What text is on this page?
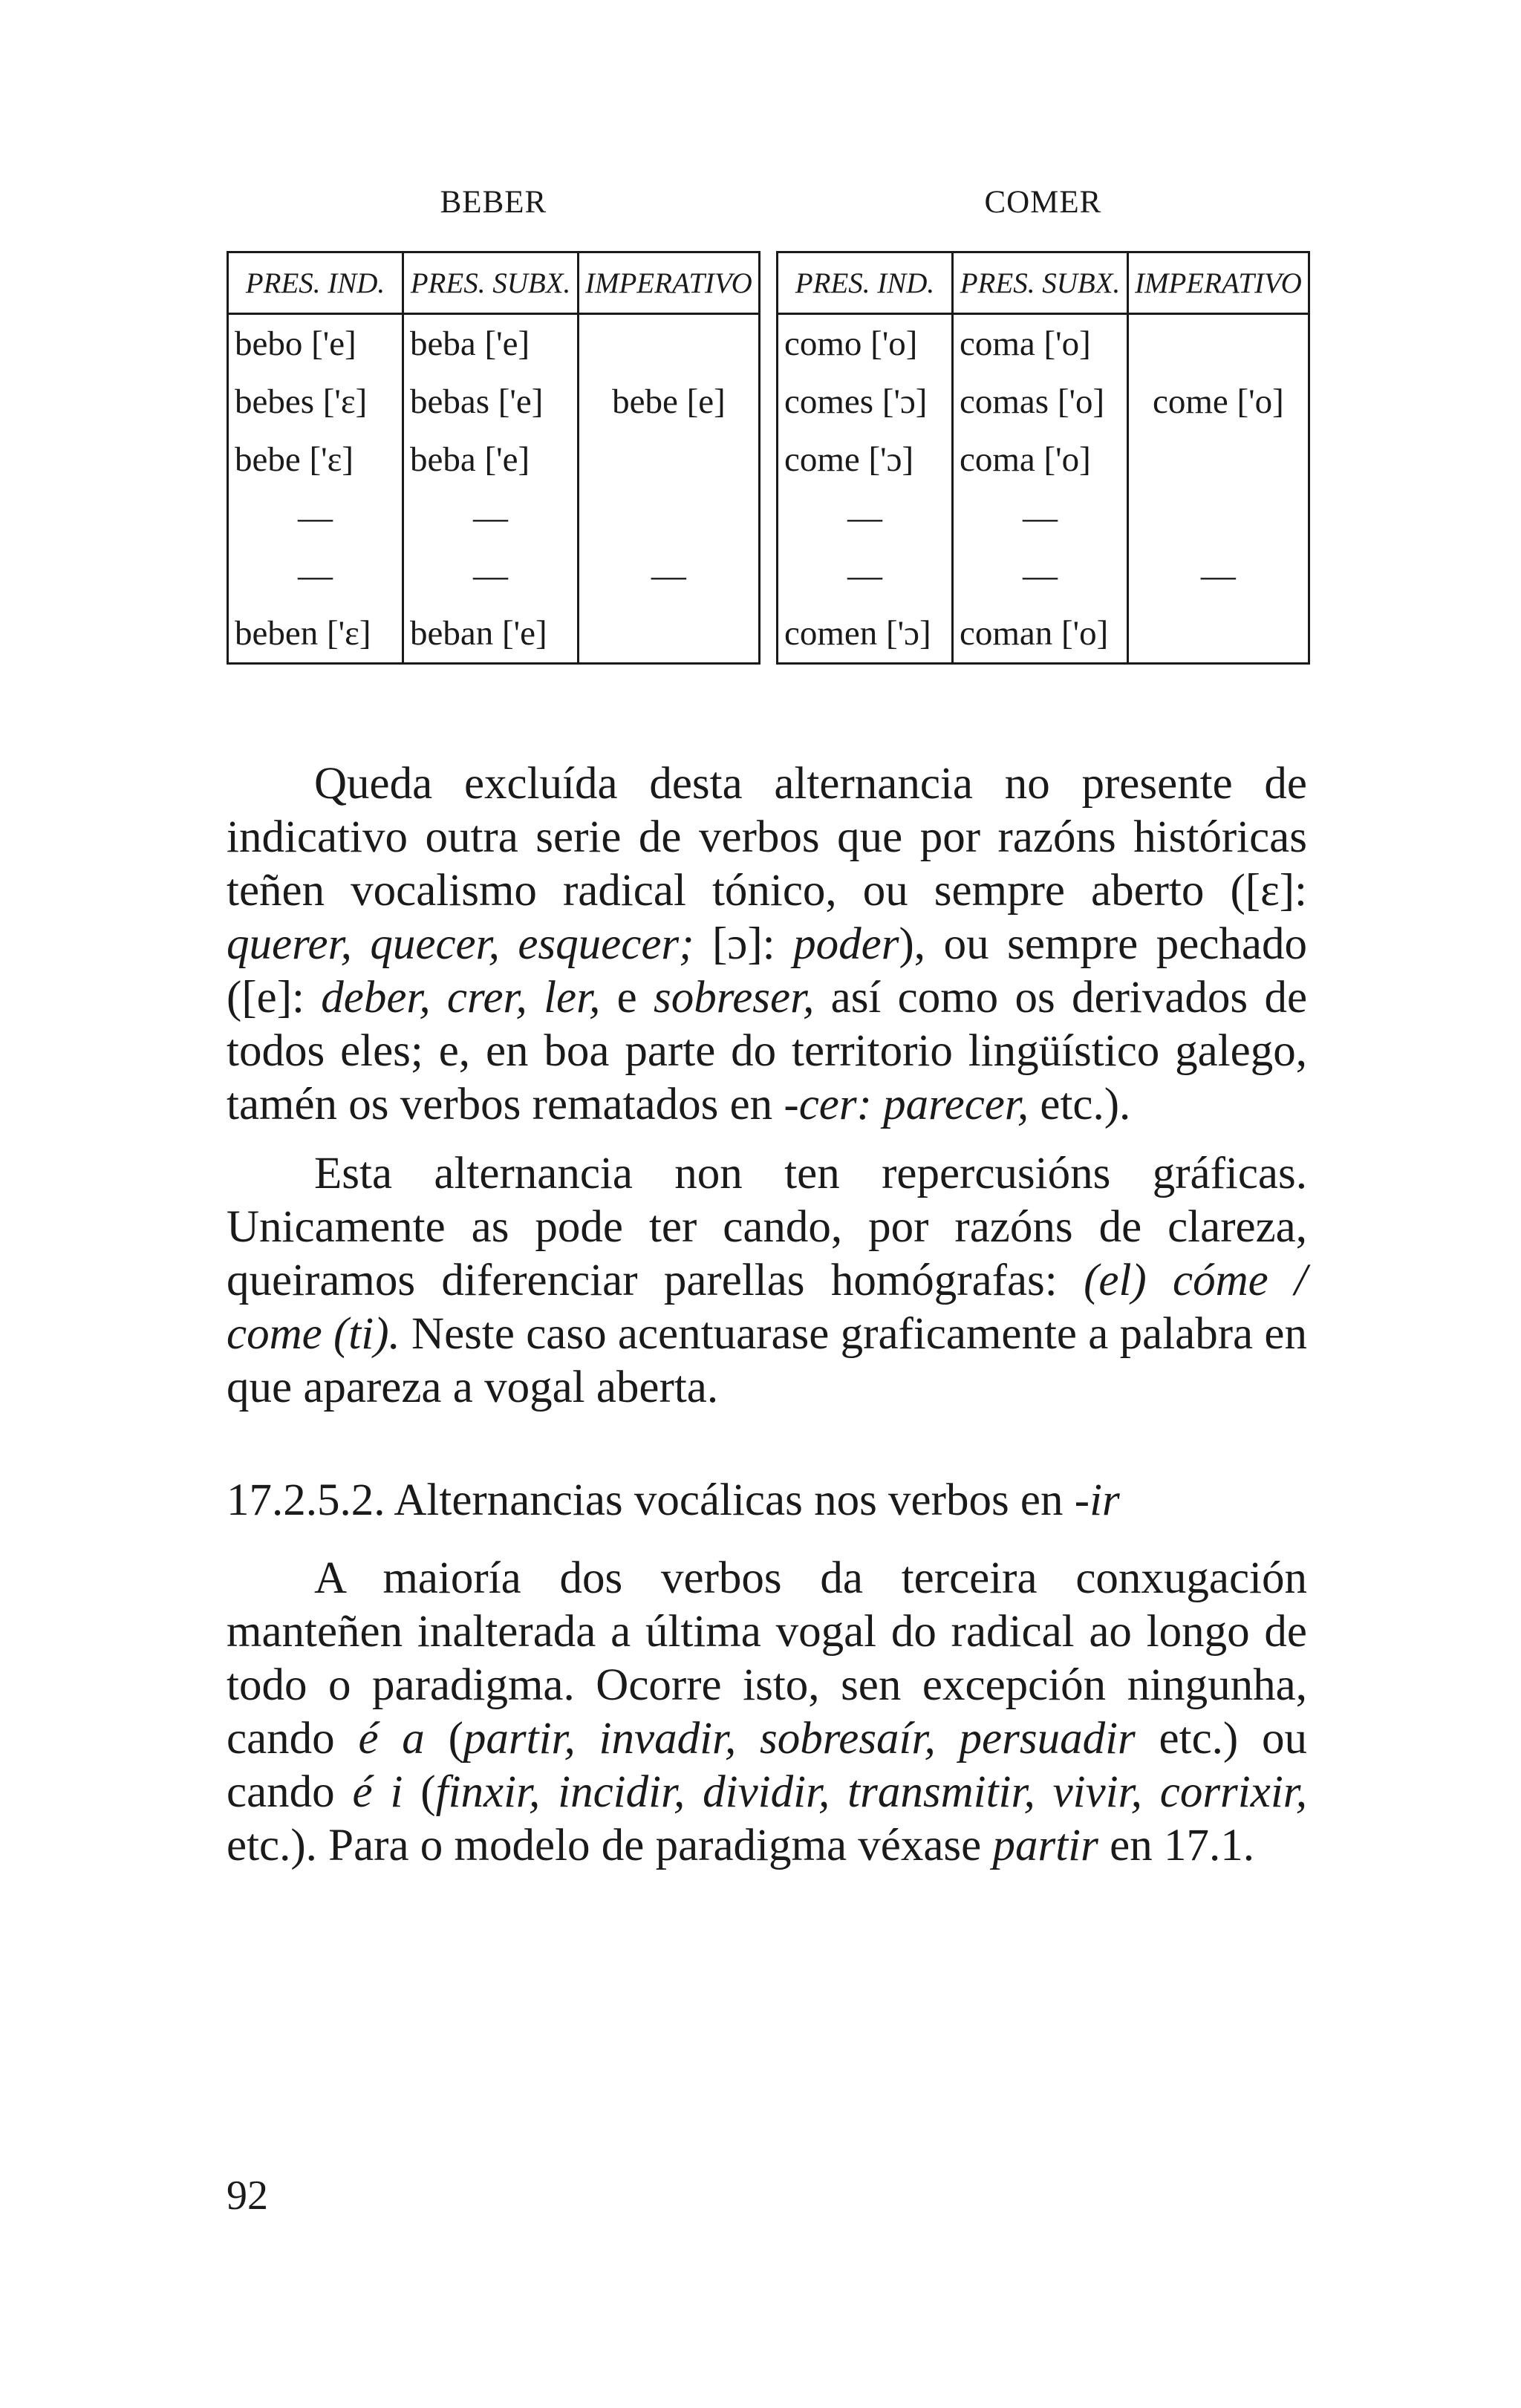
BEBER
PRES. IND.	PRES. SUBX.	IMPERATIVO
bebo ['e]	beba ['e]	
bebes ['ɛ]	bebas ['e]	bebe [e]
bebe ['ɛ]	beba ['e]	
—	—	
—	—	—
beben ['ɛ]	beban ['e]	
COMER
PRES. IND.	PRES. SUBX.	IMPERATIVO
como ['o]	coma ['o]	
comes ['ɔ]	comas ['o]	come ['o]
come ['ɔ]	coma ['o]	
—	—	
—	—	—
comen ['ɔ]	coman ['o]	

Queda excluída desta alternancia no presente de indicativo outra serie de verbos que por razóns históricas teñen vocalismo radical tónico, ou sempre aberto ([ɛ]: querer, quecer, esquecer; [ɔ]: poder), ou sempre pechado ([e]: deber, crer, ler, e sobreser, así como os derivados de todos eles; e, en boa parte do territorio lingüístico galego, tamén os verbos rematados en -cer: parecer, etc.).

Esta alternancia non ten repercusións gráficas. Unicamente as pode ter cando, por razóns de clareza, queiramos diferenciar parellas homógrafas: (el) cóme / come (ti). Neste caso acentuarase graficamente a palabra en que apareza a vogal aberta.

17.2.5.2. Alternancias vocálicas nos verbos en -ir

A maioría dos verbos da terceira conxugación manteñen inalterada a última vogal do radical ao longo de todo o paradigma. Ocorre isto, sen excepción ningunha, cando é a (partir, invadir, sobresaír, persuadir etc.) ou cando é i (finxir, incidir, dividir, transmitir, vivir, corrixir, etc.). Para o modelo de paradigma véxase partir en 17.1.

92
